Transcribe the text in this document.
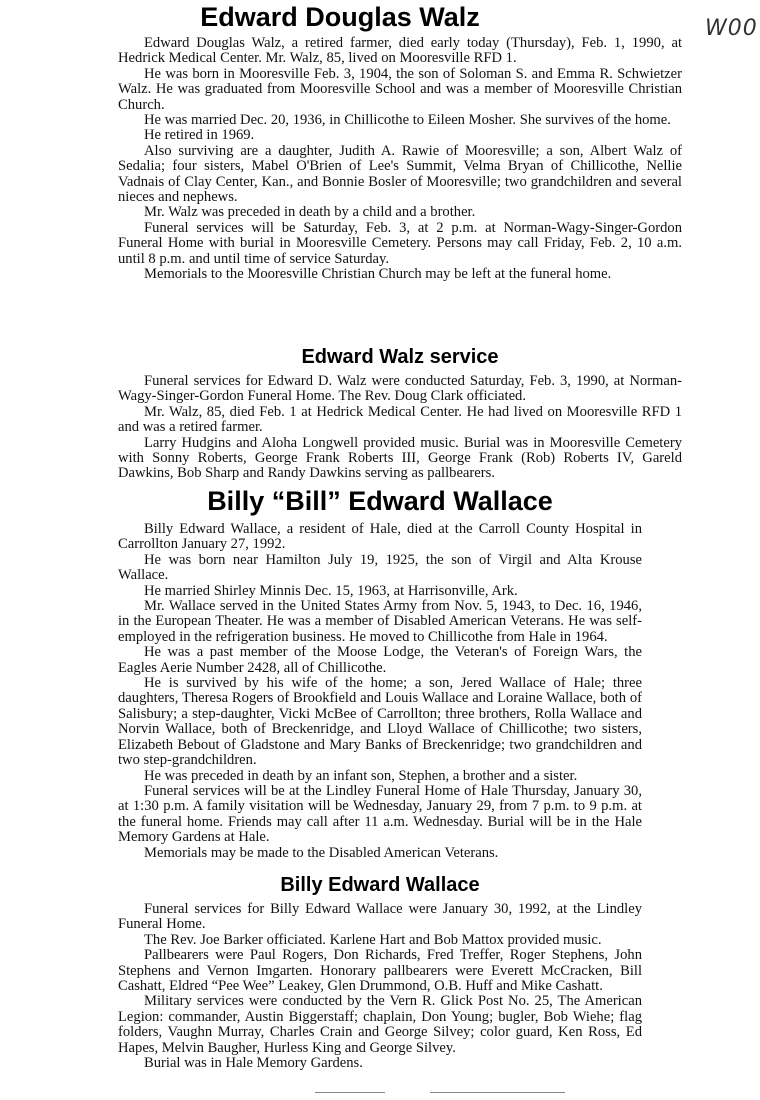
W00
Edward Douglas Walz

Edward Douglas Walz, a retired farmer, died early today (Thursday), Feb. 1, 1990, at Hedrick Medical Center. Mr. Walz, 85, lived on Mooresville RFD 1.

He was born in Mooresville Feb. 3, 1904, the son of Soloman S. and Emma R. Schwietzer Walz. He was graduated from Mooresville School and was a member of Mooresville Christian Church.

He was married Dec. 20, 1936, in Chillicothe to Eileen Mosher. She survives of the home.

He retired in 1969.

Also surviving are a daughter, Judith A. Rawie of Mooresville; a son, Albert Walz of Sedalia; four sisters, Mabel O'Brien of Lee's Summit, Velma Bryan of Chillicothe, Nellie Vadnais of Clay Center, Kan., and Bonnie Bosler of Mooresville; two grandchildren and several nieces and nephews.

Mr. Walz was preceded in death by a child and a brother.

Funeral services will be Saturday, Feb. 3, at 2 p.m. at Norman-Wagy-Singer-Gordon Funeral Home with burial in Mooresville Cemetery. Persons may call Friday, Feb. 2, 10 a.m. until 8 p.m. and until time of service Saturday.

Memorials to the Mooresville Christian Church may be left at the funeral home.

Edward Walz service

Funeral services for Edward D. Walz were conducted Saturday, Feb. 3, 1990, at Norman-Wagy-Singer-Gordon Funeral Home. The Rev. Doug Clark officiated.

Mr. Walz, 85, died Feb. 1 at Hedrick Medical Center. He had lived on Mooresville RFD 1 and was a retired farmer.

Larry Hudgins and Aloha Longwell provided music. Burial was in Mooresville Cemetery with Sonny Roberts, George Frank Roberts III, George Frank (Rob) Roberts IV, Gareld Dawkins, Bob Sharp and Randy Dawkins serving as pallbearers.

Billy “Bill” Edward Wallace

Billy Edward Wallace, a resident of Hale, died at the Carroll County Hospital in Carrollton January 27, 1992.

He was born near Hamilton July 19, 1925, the son of Virgil and Alta Krouse Wallace.

He married Shirley Minnis Dec. 15, 1963, at Harrisonville, Ark.

Mr. Wallace served in the United States Army from Nov. 5, 1943, to Dec. 16, 1946, in the European Theater. He was a member of Disabled American Veterans. He was self-employed in the refrigeration business. He moved to Chillicothe from Hale in 1964.

He was a past member of the Moose Lodge, the Veteran's of Foreign Wars, the Eagles Aerie Number 2428, all of Chillicothe.

He is survived by his wife of the home; a son, Jered Wallace of Hale; three daughters, Theresa Rogers of Brookfield and Louis Wallace and Loraine Wallace, both of Salisbury; a step-daughter, Vicki McBee of Carrollton; three brothers, Rolla Wallace and Norvin Wallace, both of Breckenridge, and Lloyd Wallace of Chillicothe; two sisters, Elizabeth Bebout of Gladstone and Mary Banks of Breckenridge; two grandchildren and two step-grandchildren.

He was preceded in death by an infant son, Stephen, a brother and a sister.

Funeral services will be at the Lindley Funeral Home of Hale Thursday, January 30, at 1:30 p.m. A family visitation will be Wednesday, January 29, from 7 p.m. to 9 p.m. at the funeral home. Friends may call after 11 a.m. Wednesday. Burial will be in the Hale Memory Gardens at Hale.

Memorials may be made to the Disabled American Veterans.

Billy Edward Wallace

Funeral services for Billy Edward Wallace were January 30, 1992, at the Lindley Funeral Home.

The Rev. Joe Barker officiated. Karlene Hart and Bob Mattox provided music.

Pallbearers were Paul Rogers, Don Richards, Fred Treffer, Roger Stephens, John Stephens and Vernon Imgarten. Honorary pallbearers were Everett McCracken, Bill Cashatt, Eldred “Pee Wee” Leakey, Glen Drummond, O.B. Huff and Mike Cashatt.

Military services were conducted by the Vern R. Glick Post No. 25, The American Legion: commander, Austin Biggerstaff; chaplain, Don Young; bugler, Bob Wiehe; flag folders, Vaughn Murray, Charles Crain and George Silvey; color guard, Ken Ross, Ed Hapes, Melvin Baugher, Hurless King and George Silvey.

Burial was in Hale Memory Gardens.
